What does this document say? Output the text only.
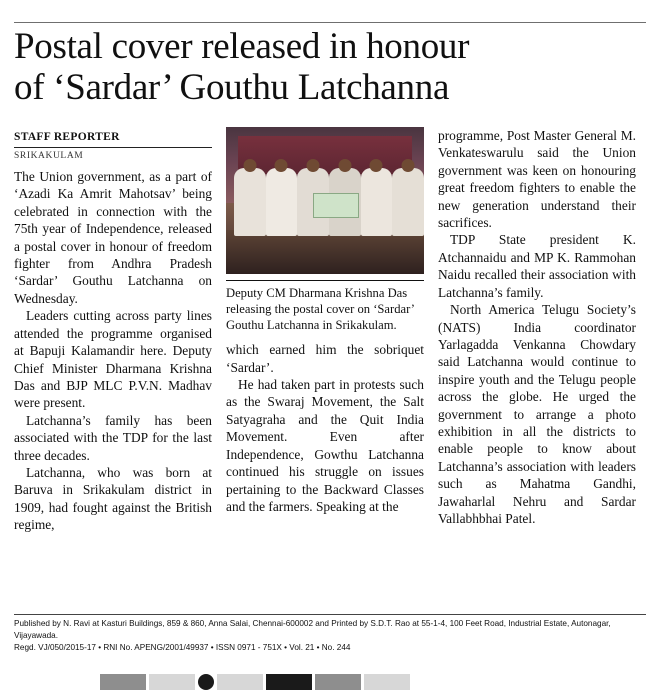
Postal cover released in honour
of ‘Sardar’ Gouthu Latchanna
STAFF REPORTER
SRIKAKULAM

The Union government, as a part of ‘Azadi Ka Amrit Mahotsav’ being celebrated in connection with the 75th year of Independence, released a postal cover in honour of freedom fighter from Andhra Pradesh ‘Sardar’ Gouthu Latchanna on Wednesday.

Leaders cutting across party lines attended the programme organised at Bapuji Kalamandir here. Deputy Chief Minister Dharmana Krishna Das and BJP MLC P.V.N. Madhav were present.

Latchanna’s family has been associated with the TDP for the last three decades.

Latchanna, who was born at Baruva in Srikakulam district in 1909, had fought against the British regime,

Deputy CM Dharmana Krishna Das releasing the postal cover on ‘Sardar’ Gouthu Latchanna in Srikakulam.

which earned him the sobriquet ‘Sardar’.

He had taken part in protests such as the Swaraj Movement, the Salt Satyagraha and the Quit India Movement. Even after Independence, Gowthu Latchanna continued his struggle on issues pertaining to the Backward Classes and the farmers. Speaking at the

programme, Post Master General M. Venkateswarulu said the Union government was keen on honouring great freedom fighters to enable the new generation understand their sacrifices.

TDP State president K. Atchannaidu and MP K. Rammohan Naidu recalled their association with Latchanna’s family.

North America Telugu Society’s (NATS) India coordinator Yarlagadda Venkanna Chowdary said Latchanna would continue to inspire youth and the Telugu people across the globe. He urged the government to arrange a photo exhibition in all the districts to enable people to know about Latchanna’s association with leaders such as Mahatma Gandhi, Jawaharlal Nehru and Sardar Vallabhbhai Patel.

Published by N. Ravi at Kasturi Buildings, 859 & 860, Anna Salai, Chennai-600002 and Printed by S.D.T. Rao at 55-1-4, 100 Feet Road, Industrial Estate, Autonagar, Vijayawada.

Regd. VJ/050/2015-17 • RNI No. APENG/2001/49937 • ISSN 0971 - 751X • Vol. 21 • No. 244
